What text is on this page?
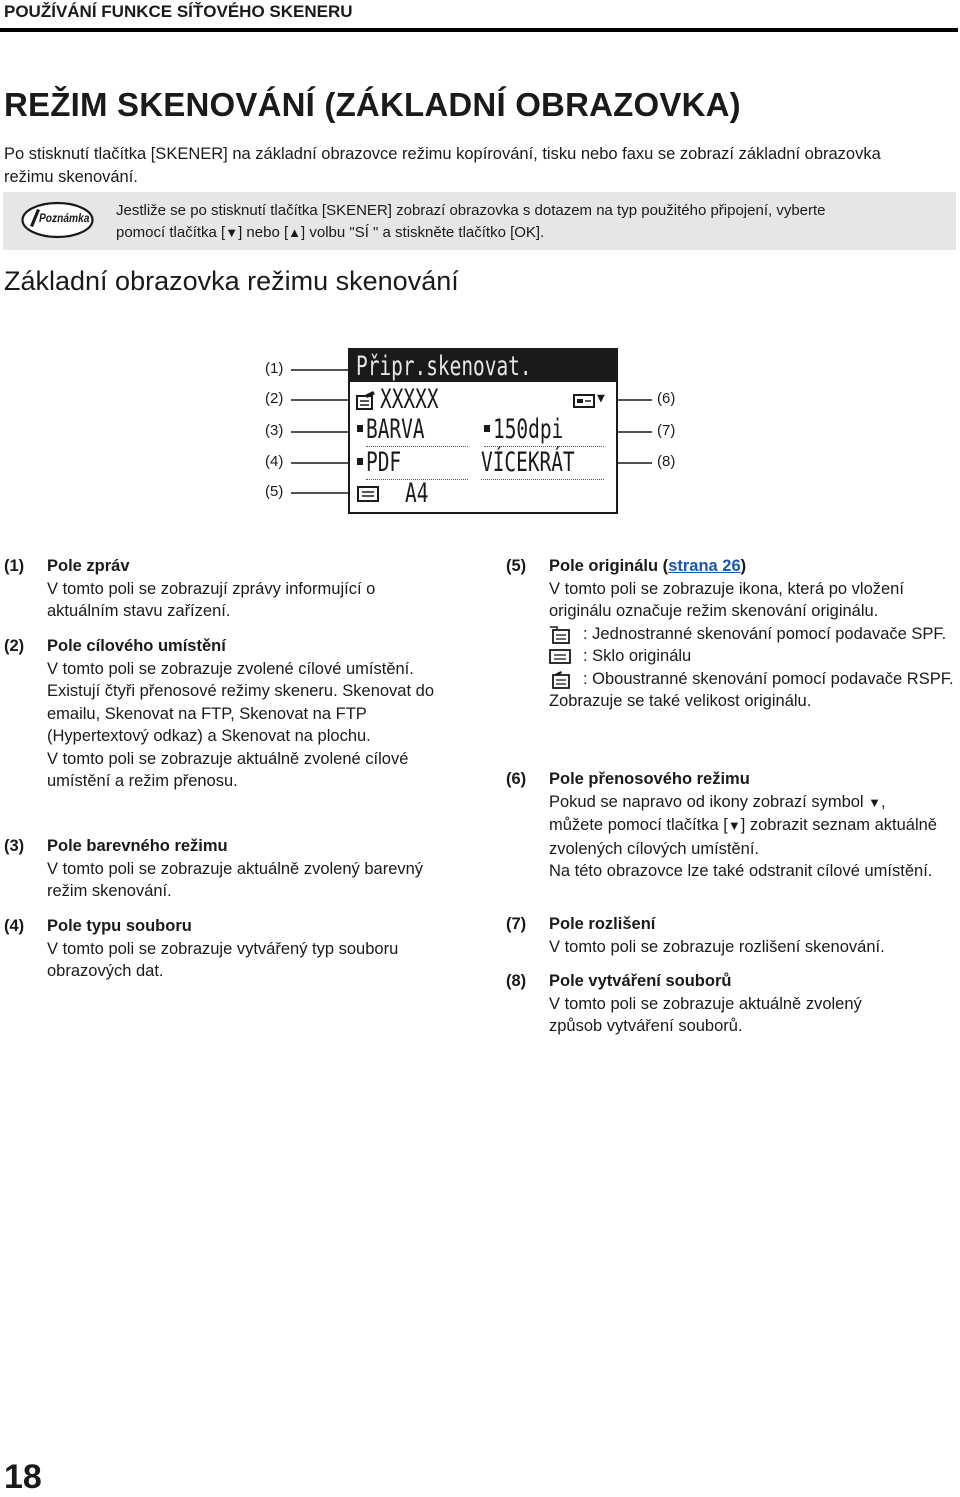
POUŽÍVÁNÍ FUNKCE SÍŤOVÉHO SKENERU
REŽIM SKENOVÁNÍ (ZÁKLADNÍ OBRAZOVKA)

Po stisknutí tlačítka [SKENER] na základní obrazovce režimu kopírování, tisku nebo faxu se zobrazí základní obrazovka režimu skenování.

Poznámka Jestliže se po stisknutí tlačítka [SKENER] zobrazí obrazovka s dotazem na typ použitého připojení, vyberte
pomocí tlačítka [▼] nebo [▲] volbu "SÍ " a stiskněte tlačítko [OK].
Základní obrazovka režimu skenování
(1)
(2)
(3)
(4)
(5)
(6)
(7)
(8)
Připr.skenovat.
XXXXX	▼
BARVA	150dpi
PDF	VÍCEKRÁT
A4
(1) Pole zpráv
V tomto poli se zobrazují zprávy informující o aktuálním stavu zařízení.
(2) Pole cílového umístění
V tomto poli se zobrazuje zvolené cílové umístění.
Existují čtyři přenosové režimy skeneru. Skenovat do emailu, Skenovat na FTP, Skenovat na FTP (Hypertextový odkaz) a Skenovat na plochu.
V tomto poli se zobrazuje aktuálně zvolené cílové umístění a režim přenosu.
(3) Pole barevného režimu
V tomto poli se zobrazuje aktuálně zvolený barevný režim skenování.
(4) Pole typu souboru
V tomto poli se zobrazuje vytvářený typ souboru obrazových dat.
(5) Pole originálu (strana 26)
V tomto poli se zobrazuje ikona, která po vložení originálu označuje režim skenování originálu.
: Jednostranné skenování pomocí podavače SPF.
: Sklo originálu
: Oboustranné skenování pomocí podavače RSPF.
Zobrazuje se také velikost originálu.
(6) Pole přenosového režimu
Pokud se napravo od ikony zobrazí symbol ▼, můžete pomocí tlačítka [▼] zobrazit seznam aktuálně zvolených cílových umístění.
Na této obrazovce lze také odstranit cílové umístění.
(7) Pole rozlišení
V tomto poli se zobrazuje rozlišení skenování.
(8) Pole vytváření souborů
V tomto poli se zobrazuje aktuálně zvolený způsob vytváření souborů.
18
